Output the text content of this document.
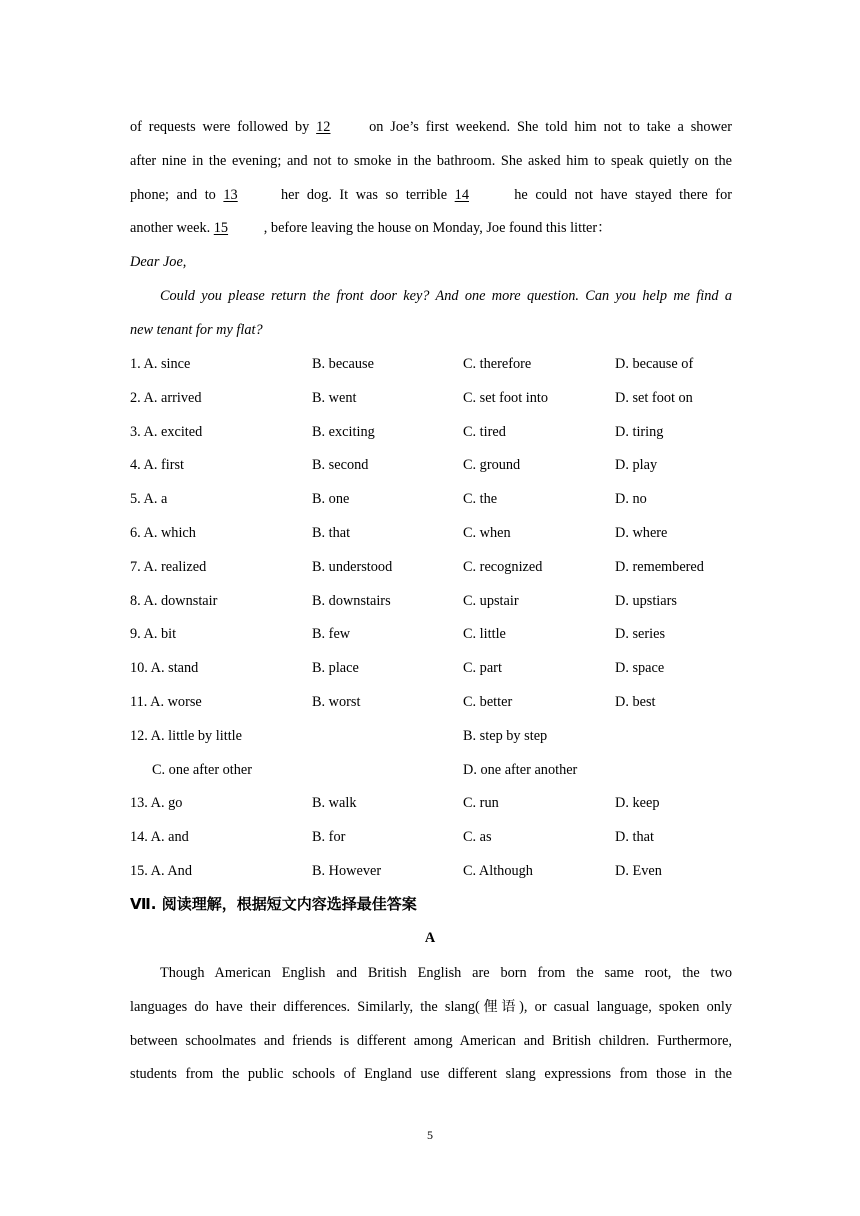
of requests were followed by 12	on Joe’s first weekend. She told him not to take a shower
after nine in the evening; and not to smoke in the bathroom. She asked him to speak quietly on the
phone; and to 13	her dog. It was so terrible 14	he could not have stayed there for
another week. 15 , before leaving the house on Monday, Joe found this litter：
Dear Joe,
Could you please return the front door key? And one more question. Can you help me find a
new tenant for my flat?
1. A. since	B. because	C. therefore	D. because of
2. A. arrived	B. went	C. set foot into	D. set foot on
3. A. excited	B. exciting	C. tired	D. tiring
4. A. first	B. second	C. ground	D. play
5. A. a	B. one	C. the	D. no
6. A. which	B. that	C. when	D. where
7. A. realized	B. understood	C. recognized	D. remembered
8. A. downstair	B. downstairs	C. upstair	D. upstiars
9. A. bit	B. few	C. little	D. series
10. A. stand	B. place	C. part	D. space
11. A. worse	B. worst	C. better	D. best
12. A. little by little	B. step by step
C. one after other	D. one after another
13. A. go	B. walk	C. run	D. keep
14. A. and	B. for	C. as	D. that
15. A. And	B. However	C. Although	D. Even
Ⅶ. 阅读理解，根据短文内容选择最佳答案
A
Though American English and British English are born from the same root, the two
languages do have their differences. Similarly, the slang(俚语), or casual language, spoken only
between schoolmates and friends is different among American and British children. Furthermore,
students from the public schools of England use different slang expressions from those in the
5
